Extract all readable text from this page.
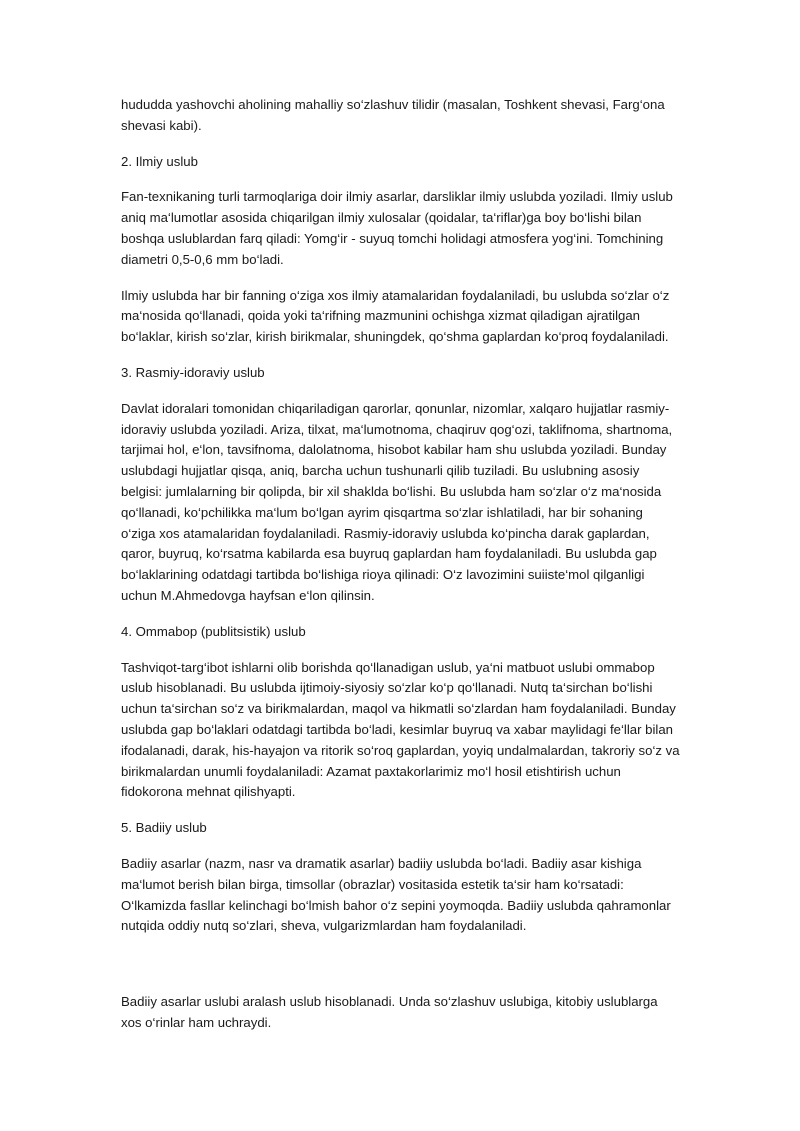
hududda yashovchi aholining mahalliy so‘zlashuv tilidir (masalan, Toshkent shevasi, Farg‘ona shevasi kabi).

2. Ilmiy uslub

Fan-texnikaning turli tarmoqlariga doir ilmiy asarlar, darsliklar ilmiy uslubda yoziladi. Ilmiy uslub aniq ma‘lumotlar asosida chiqarilgan ilmiy xulosalar (qoidalar, ta‘riflar)ga boy bo‘lishi bilan boshqa uslublardan farq qiladi: Yomg‘ir - suyuq tomchi holidagi atmosfera yog‘ini. Tomchining diametri 0,5-0,6 mm bo‘ladi.

Ilmiy uslubda har bir fanning o‘ziga xos ilmiy atamalaridan foydalaniladi, bu uslubda so‘zlar o‘z ma‘nosida qo‘llanadi, qoida yoki ta‘rifning mazmunini ochishga xizmat qiladigan ajratilgan bo‘laklar, kirish so‘zlar, kirish birikmalar, shuningdek, qo‘shma gaplardan ko‘proq foydalaniladi.

3. Rasmiy-idoraviy uslub

Davlat idoralari tomonidan chiqariladigan qarorlar, qonunlar, nizomlar, xalqaro hujjatlar rasmiy-idoraviy uslubda yoziladi. Ariza, tilxat, ma‘lumotnoma, chaqiruv qog‘ozi, taklifnoma, shartnoma, tarjimai hol, e‘lon, tavsifnoma, dalolatnoma, hisobot kabilar ham shu uslubda yoziladi. Bunday uslubdagi hujjatlar qisqa, aniq, barcha uchun tushunarli qilib tuziladi. Bu uslubning asosiy belgisi: jumlalarning bir qolipda, bir xil shaklda bo‘lishi. Bu uslubda ham so‘zlar o‘z ma‘nosida qo‘llanadi, ko‘pchilikka ma‘lum bo‘lgan ayrim qisqartma so‘zlar ishlatiladi, har bir sohaning o‘ziga xos atamalaridan foydalaniladi. Rasmiy-idoraviy uslubda ko‘pincha darak gaplardan, qaror, buyruq, ko‘rsatma kabilarda esa buyruq gaplardan ham foydalaniladi. Bu uslubda gap bo‘laklarining odatdagi tartibda bo‘lishiga rioya qilinadi: O‘z lavozimini suiiste‘mol qilganligi uchun M.Ahmedovga hayfsan e‘lon qilinsin.

4. Ommabop (publitsistik) uslub

Tashviqot-targ‘ibot ishlarni olib borishda qo‘llanadigan uslub, ya‘ni matbuot uslubi ommabop uslub hisoblanadi. Bu uslubda ijtimoiy-siyosiy so‘zlar ko‘p qo‘llanadi. Nutq ta‘sirchan bo‘lishi uchun ta‘sirchan so‘z va birikmalardan, maqol va hikmatli so‘zlardan ham foydalaniladi. Bunday uslubda gap bo‘laklari odatdagi tartibda bo‘ladi, kesimlar buyruq va xabar maylidagi fe‘llar bilan ifodalanadi, darak, his-hayajon va ritorik so‘roq gaplardan, yoyiq undalmalardan, takroriy so‘z va birikmalardan unumli foydalaniladi: Azamat paxtakorlarimiz mo‘l hosil etishtirish uchun fidokorona mehnat qilishyapti.

5. Badiiy uslub

Badiiy asarlar (nazm, nasr va dramatik asarlar) badiiy uslubda bo‘ladi. Badiiy asar kishiga ma‘lumot berish bilan birga, timsollar (obrazlar) vositasida estetik ta‘sir ham ko‘rsatadi: O‘lkamizda fasllar kelinchagi bo‘lmish bahor o‘z sepini yoymoqda. Badiiy uslubda qahramonlar nutqida oddiy nutq so‘zlari, sheva, vulgarizmlardan ham foydalaniladi.

Badiiy asarlar uslubi aralash uslub hisoblanadi. Unda so‘zlashuv uslubiga, kitobiy uslublarga xos o‘rinlar ham uchraydi.
